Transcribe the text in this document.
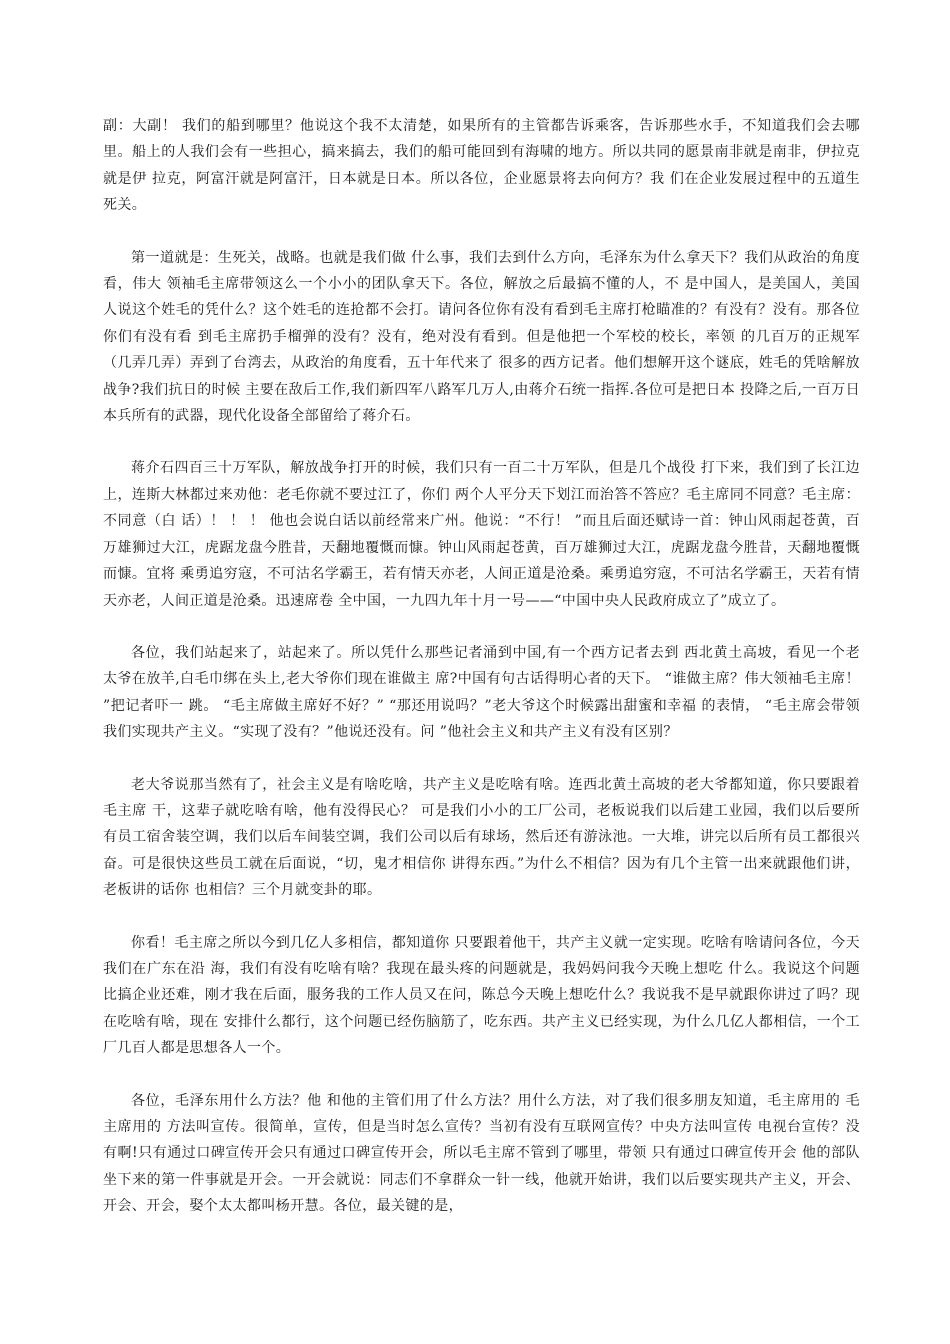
副：大副！ 我们的船到哪里？他说这个我不太清楚，如果所有的主管都告诉乘客，告诉那些水手，不知道我们会去哪里。船上的人我们会有一些担心，搞来搞去，我们的船可能回到有海啸的地方。所以共同的愿景南非就是南非，伊拉克就是伊 拉克，阿富汗就是阿富汗，日本就是日本。所以各位，企业愿景将去向何方？我 们在企业发展过程中的五道生死关。

第一道就是：生死关，战略。也就是我们做 什么事，我们去到什么方向，毛泽东为什么拿天下？我们从政治的角度看，伟大 领袖毛主席带领这么一个小小的团队拿天下。各位，解放之后最搞不懂的人，不 是中国人，是美国人，美国人说这个姓毛的凭什么？这个姓毛的连抢都不会打。请问各位你有没有看到毛主席打枪瞄准的？有没有？没有。那各位你们有没有看 到毛主席扔手榴弹的没有？没有，绝对没有看到。但是他把一个军校的校长，率领 的几百万的正规军（几弄几弄）弄到了台湾去，从政治的角度看，五十年代来了 很多的西方记者。他们想解开这个谜底，姓毛的凭啥解放战争?我们抗日的时候 主要在敌后工作,我们新四军八路军几万人,由蒋介石统一指挥.各位可是把日本 投降之后,一百万日本兵所有的武器，现代化设备全部留给了蒋介石。

蒋介石四百三十万军队，解放战争打开的时候，我们只有一百二十万军队，但是几个战役 打下来，我们到了长江边上，连斯大林都过来劝他：老毛你就不要过江了，你们 两个人平分天下划江而治答不答应？毛主席同不同意？毛主席：不同意（白 话）！ ！ ！ 他也会说白话以前经常来广州。他说：“不行！ ”而且后面还赋诗一首：钟山风雨起苍黄，百万雄狮过大江，虎踞龙盘今胜昔，天翻地覆慨而慷。钟山风雨起苍黄，百万雄狮过大江，虎踞龙盘今胜昔，天翻地覆慨而慷。宜将 乘勇追穷寇，不可沽名学霸王，若有情天亦老，人间正道是沧桑。乘勇追穷寇，不可沽名学霸王，天若有情天亦老，人间正道是沧桑。迅速席卷 全中国，一九四九年十月一号——“中国中央人民政府成立了”成立了。

各位，我们站起来了，站起来了。所以凭什么那些记者涌到中国,有一个西方记者去到 西北黄土高坡，看见一个老太爷在放羊,白毛巾绑在头上,老大爷你们现在谁做主 席?中国有句古话得明心者的天下。 “谁做主席？伟大领袖毛主席！ ”把记者吓一 跳。 “毛主席做主席好不好？” “那还用说吗？”老大爷这个时候露出甜蜜和幸福 的表情， “毛主席会带领我们实现共产主义。“实现了没有？”他说还没有。问 ”他社会主义和共产主义有没有区别？

老大爷说那当然有了，社会主义是有啥吃啥，共产主义是吃啥有啥。连西北黄土高坡的老大爷都知道，你只要跟着毛主席 干，这辈子就吃啥有啥，他有没得民心？ 可是我们小小的工厂公司，老板说我们以后建工业园，我们以后要所有员工宿舍装空调，我们以后车间装空调，我们公司以后有球场，然后还有游泳池。一大堆，讲完以后所有员工都很兴奋。可是很快这些员工就在后面说，“切，鬼才相信你 讲得东西。”为什么不相信？因为有几个主管一出来就跟他们讲，老板讲的话你 也相信？三个月就变卦的耶。

你看！毛主席之所以今到几亿人多相信，都知道你 只要跟着他干，共产主义就一定实现。吃啥有啥请问各位，今天我们在广东在沿 海，我们有没有吃啥有啥？我现在最头疼的问题就是，我妈妈问我今天晚上想吃 什么。我说这个问题比搞企业还难，刚才我在后面，服务我的工作人员又在问，陈总今天晚上想吃什么？我说我不是早就跟你讲过了吗？现在吃啥有啥，现在 安排什么都行，这个问题已经伤脑筋了，吃东西。共产主义已经实现，为什么几亿人都相信，一个工厂几百人都是思想各人一个。

各位，毛泽东用什么方法？他 和他的主管们用了什么方法？用什么方法，对了我们很多朋友知道，毛主席用的 毛主席用的 方法叫宣传。很简单，宣传，但是当时怎么宣传？当初有没有互联网宣传？中央方法叫宣传 电视台宣传？没有啊!只有通过口碑宣传开会只有通过口碑宣传开会，所以毛主席不管到了哪里，带领 只有通过口碑宣传开会 他的部队坐下来的第一件事就是开会。一开会就说：同志们不拿群众一针一线，他就开始讲，我们以后要实现共产主义，开会、开会、开会，娶个太太都叫杨开慧。各位，最关键的是，
